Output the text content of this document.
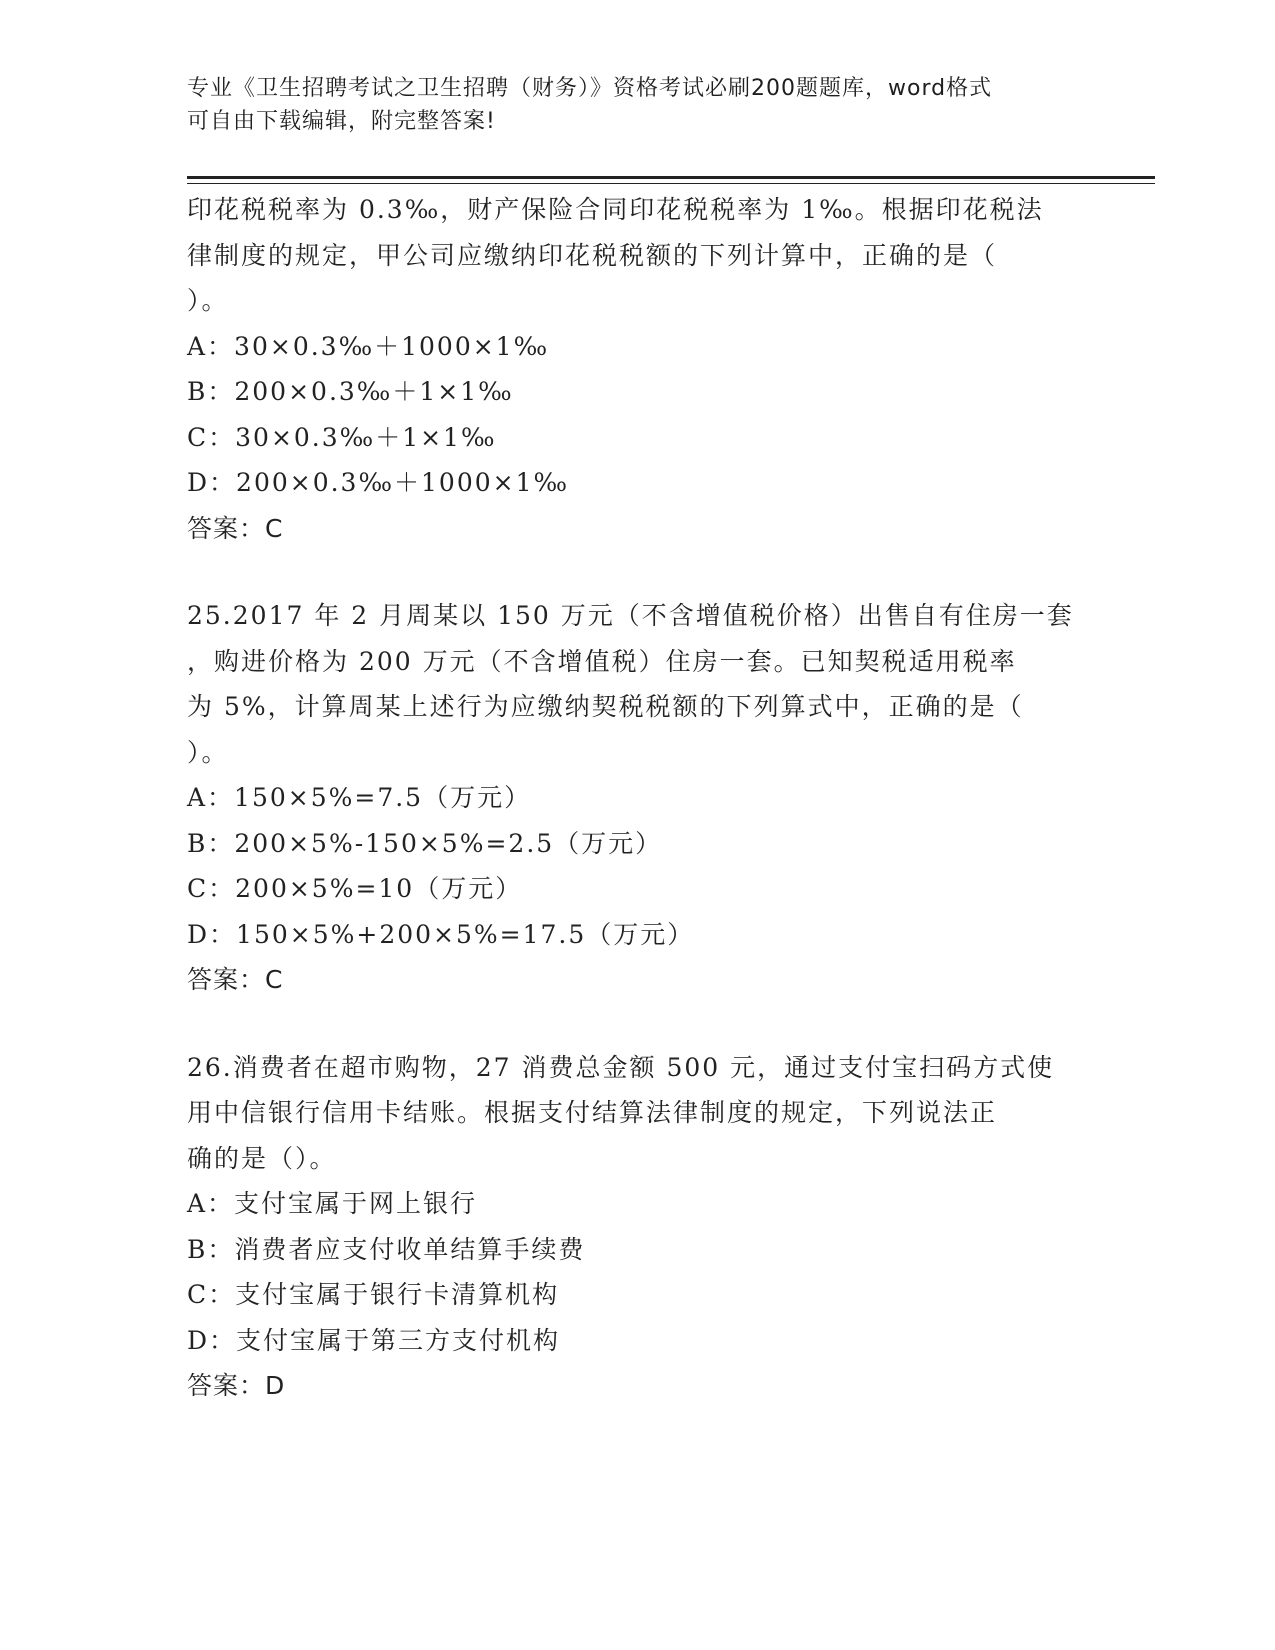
专业《卫生招聘考试之卫生招聘（财务）》资格考试必刷200题题库，word格式
可自由下载编辑，附完整答案!
印花税税率为 0.3‰，财产保险合同印花税税率为 1‰。根据印花税法
律制度的规定，甲公司应缴纳印花税税额的下列计算中，正确的是（
）。
A：30×0.3‰＋1000×1‰
B：200×0.3‰＋1×1‰
C：30×0.3‰＋1×1‰
D：200×0.3‰＋1000×1‰
答案：C
25.2017 年 2 月周某以 150 万元（不含增值税价格）出售自有住房一套
，购进价格为 200 万元（不含增值税）住房一套。已知契税适用税率
为 5%，计算周某上述行为应缴纳契税税额的下列算式中，正确的是（
）。
A：150×5%=7.5（万元）
B：200×5%-150×5%=2.5（万元）
C：200×5%=10（万元）
D：150×5%+200×5%=17.5（万元）
答案：C
26.消费者在超市购物，27 消费总金额 500 元，通过支付宝扫码方式使
用中信银行信用卡结账。根据支付结算法律制度的规定，下列说法正
确的是（）。
A：支付宝属于网上银行
B：消费者应支付收单结算手续费
C：支付宝属于银行卡清算机构
D：支付宝属于第三方支付机构
答案：D
